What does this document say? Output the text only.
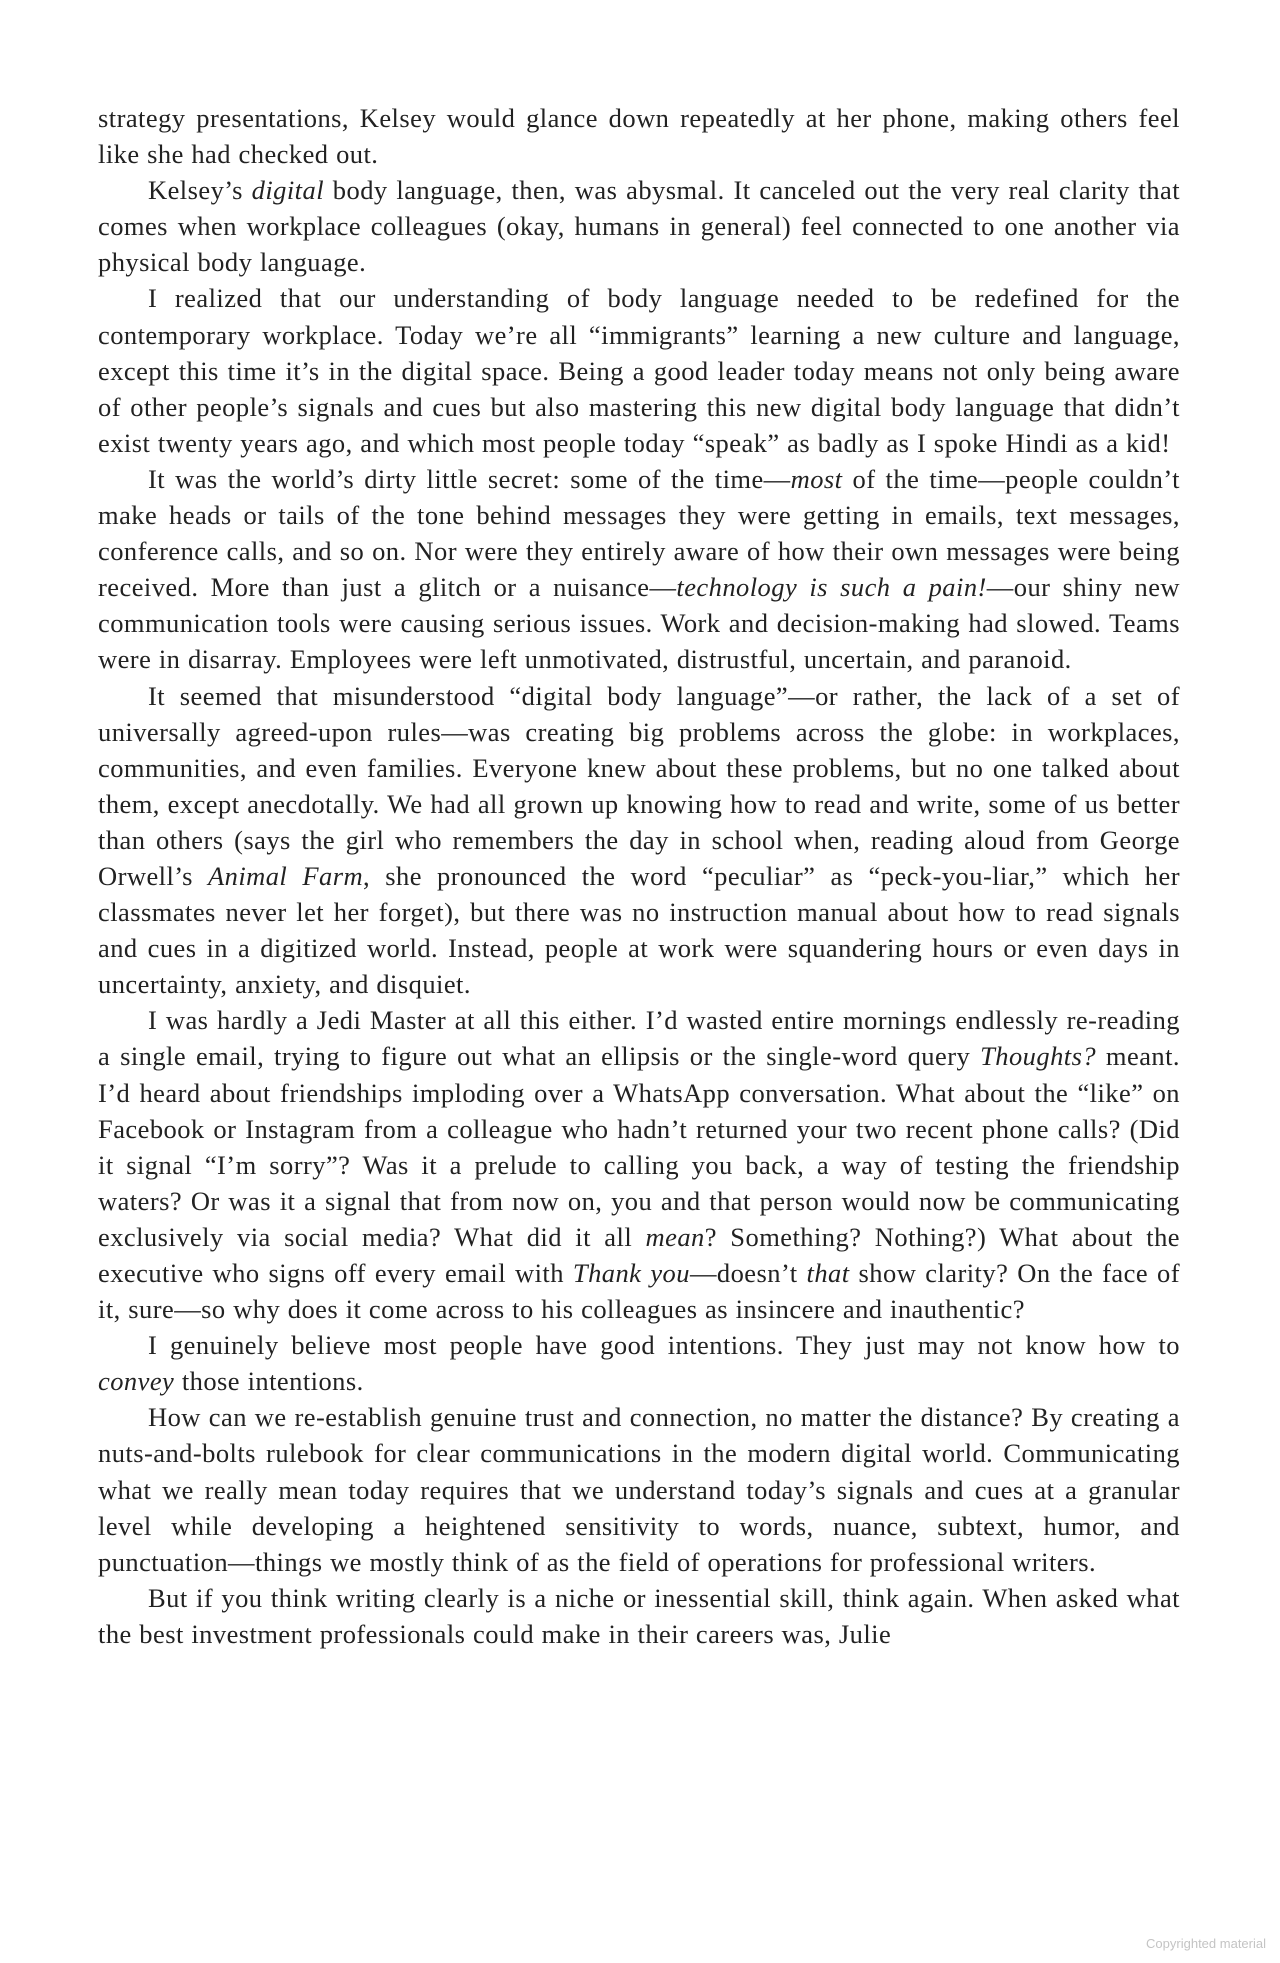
strategy presentations, Kelsey would glance down repeatedly at her phone, making others feel like she had checked out.

Kelsey’s digital body language, then, was abysmal. It canceled out the very real clarity that comes when workplace colleagues (okay, humans in general) feel connected to one another via physical body language.

I realized that our understanding of body language needed to be redefined for the contemporary workplace. Today we’re all “immigrants” learning a new culture and language, except this time it’s in the digital space. Being a good leader today means not only being aware of other people’s signals and cues but also mastering this new digital body language that didn’t exist twenty years ago, and which most people today “speak” as badly as I spoke Hindi as a kid!

It was the world’s dirty little secret: some of the time—most of the time—people couldn’t make heads or tails of the tone behind messages they were getting in emails, text messages, conference calls, and so on. Nor were they entirely aware of how their own messages were being received. More than just a glitch or a nuisance—technology is such a pain!—our shiny new communication tools were causing serious issues. Work and decision-making had slowed. Teams were in disarray. Employees were left unmotivated, distrustful, uncertain, and paranoid.

It seemed that misunderstood “digital body language”—or rather, the lack of a set of universally agreed-upon rules—was creating big problems across the globe: in workplaces, communities, and even families. Everyone knew about these problems, but no one talked about them, except anecdotally. We had all grown up knowing how to read and write, some of us better than others (says the girl who remembers the day in school when, reading aloud from George Orwell’s Animal Farm, she pronounced the word “peculiar” as “peck-you-liar,” which her classmates never let her forget), but there was no instruction manual about how to read signals and cues in a digitized world. Instead, people at work were squandering hours or even days in uncertainty, anxiety, and disquiet.

I was hardly a Jedi Master at all this either. I’d wasted entire mornings endlessly re-reading a single email, trying to figure out what an ellipsis or the single-word query Thoughts? meant. I’d heard about friendships imploding over a WhatsApp conversation. What about the “like” on Facebook or Instagram from a colleague who hadn’t returned your two recent phone calls? (Did it signal “I’m sorry”? Was it a prelude to calling you back, a way of testing the friendship waters? Or was it a signal that from now on, you and that person would now be communicating exclusively via social media? What did it all mean? Something? Nothing?) What about the executive who signs off every email with Thank you—doesn’t that show clarity? On the face of it, sure—so why does it come across to his colleagues as insincere and inauthentic?

I genuinely believe most people have good intentions. They just may not know how to convey those intentions.

How can we re-establish genuine trust and connection, no matter the distance? By creating a nuts-and-bolts rulebook for clear communications in the modern digital world. Communicating what we really mean today requires that we understand today’s signals and cues at a granular level while developing a heightened sensitivity to words, nuance, subtext, humor, and punctuation—things we mostly think of as the field of operations for professional writers.

But if you think writing clearly is a niche or inessential skill, think again. When asked what the best investment professionals could make in their careers was, Julie

Copyrighted material
